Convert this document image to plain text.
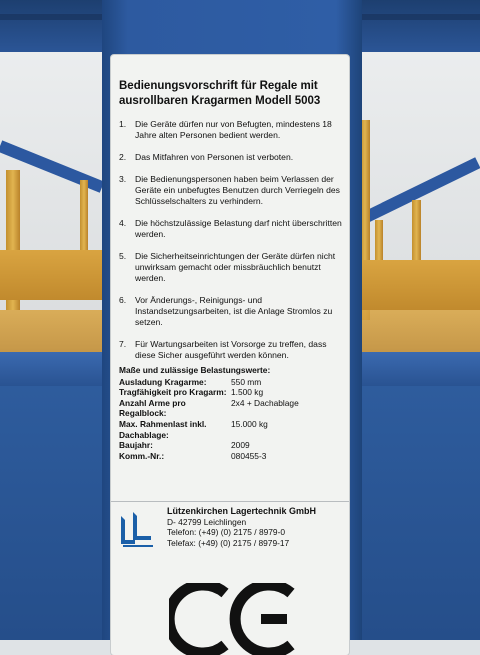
Bedienungsvorschrift für Regale mit
ausrollbaren Kragarmen Modell 5003
1.	Die Geräte dürfen nur von Befugten, mindestens 18 Jahre alten Personen bedient werden.
2.	Das Mitfahren von Personen ist verboten.
3.	Die Bedienungspersonen haben beim Verlassen der Geräte ein unbefugtes Benutzen durch Verriegeln des Schlüsselschalters zu verhindern.
4.	Die höchstzulässige Belastung darf nicht überschritten werden.
5.	Die Sicherheitseinrichtungen der Geräte dürfen nicht unwirksam gemacht oder missbräuchlich benutzt werden.
6.	Vor Änderungs-, Reinigungs- und Instandsetzungsarbeiten, ist die Anlage Stromlos zu setzen.
7.	Für Wartungsarbeiten ist Vorsorge zu treffen, dass diese Sicher ausgeführt werden können.
Maße und zulässige Belastungswerte:
Ausladung Kragarme:	550 mm
Tragfähigkeit pro Kragarm: 1.500 kg
Anzahl Arme pro Regalblock:
2x4 + Dachablage
Max. Rahmenlast inkl. Dachablage:
15.000 kg
Baujahr:	2009
Komm.-Nr.:	080455-3
Lützenkirchen Lagertechnik GmbH
D- 42799 Leichlingen
Telefon: (+49) (0) 2175 / 8979-0
Telefax: (+49) (0) 2175 / 8979-17
